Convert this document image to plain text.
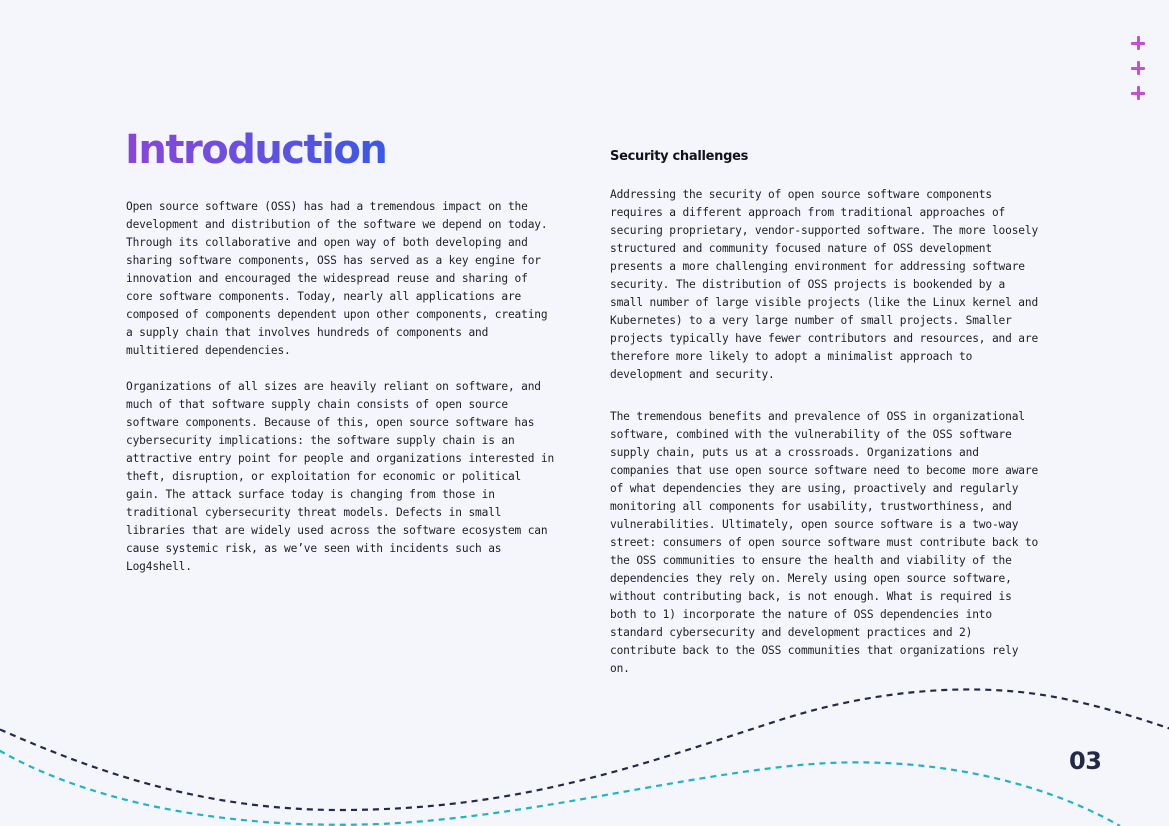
Introduction

Open source software (OSS) has had a tremendous impact on the
development and distribution of the software we depend on today.
Through its collaborative and open way of both developing and
sharing software components, OSS has served as a key engine for
innovation and encouraged the widespread reuse and sharing of
core software components. Today, nearly all applications are
composed of components dependent upon other components, creating
a supply chain that involves hundreds of components and
multitiered dependencies.

Organizations of all sizes are heavily reliant on software, and
much of that software supply chain consists of open source
software components. Because of this, open source software has
cybersecurity implications: the software supply chain is an
attractive entry point for people and organizations interested in
theft, disruption, or exploitation for economic or political
gain. The attack surface today is changing from those in
traditional cybersecurity threat models. Defects in small
libraries that are widely used across the software ecosystem can
cause systemic risk, as we’ve seen with incidents such as
Log4shell.

Security challenges

Addressing the security of open source software components
requires a different approach from traditional approaches of
securing proprietary, vendor-supported software. The more loosely
structured and community focused nature of OSS development
presents a more challenging environment for addressing software
security. The distribution of OSS projects is bookended by a
small number of large visible projects (like the Linux kernel and
Kubernetes) to a very large number of small projects. Smaller
projects typically have fewer contributors and resources, and are
therefore more likely to adopt a minimalist approach to
development and security.

The tremendous benefits and prevalence of OSS in organizational
software, combined with the vulnerability of the OSS software
supply chain, puts us at a crossroads. Organizations and
companies that use open source software need to become more aware
of what dependencies they are using, proactively and regularly
monitoring all components for usability, trustworthiness, and
vulnerabilities. Ultimately, open source software is a two-way
street: consumers of open source software must contribute back to
the OSS communities to ensure the health and viability of the
dependencies they rely on. Merely using open source software,
without contributing back, is not enough. What is required is
both to 1) incorporate the nature of OSS dependencies into
standard cybersecurity and development practices and 2)
contribute back to the OSS communities that organizations rely
on.

03
